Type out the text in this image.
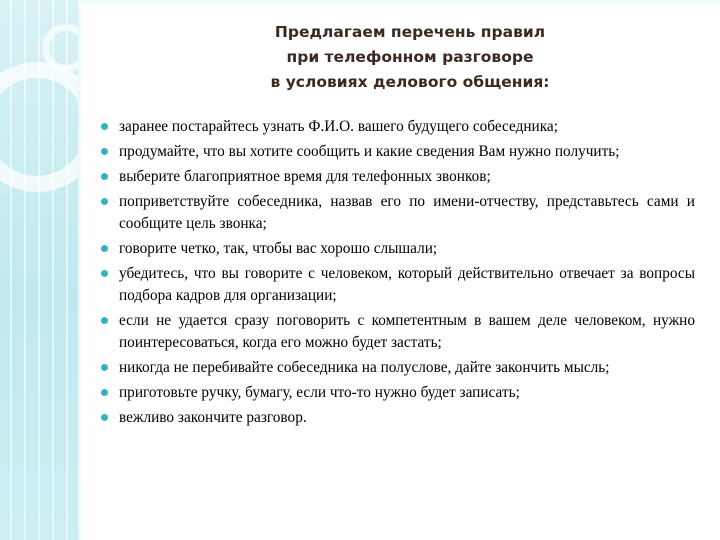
Предлагаем перечень правил
при телефонном разговоре
в условиях делового общения:
заранее постарайтесь узнать Ф.И.О. вашего будущего собеседника;
продумайте, что вы хотите сообщить и какие сведения Вам нужно получить;
выберите благоприятное время для телефонных звонков;
поприветствуйте собеседника, назвав его по имени-отчеству, представьтесь сами и сообщите цель звонка;
говорите четко, так, чтобы вас хорошо слышали;
убедитесь, что вы говорите с человеком, который действительно отвечает за вопросы подбора кадров для организации;
если не удается сразу поговорить с компетентным в вашем деле человеком, нужно поинтересоваться, когда его можно будет застать;
никогда не перебивайте собеседника на полуслове, дайте закончить мысль;
приготовьте ручку, бумагу, если что-то нужно будет записать;
вежливо закончите разговор.
